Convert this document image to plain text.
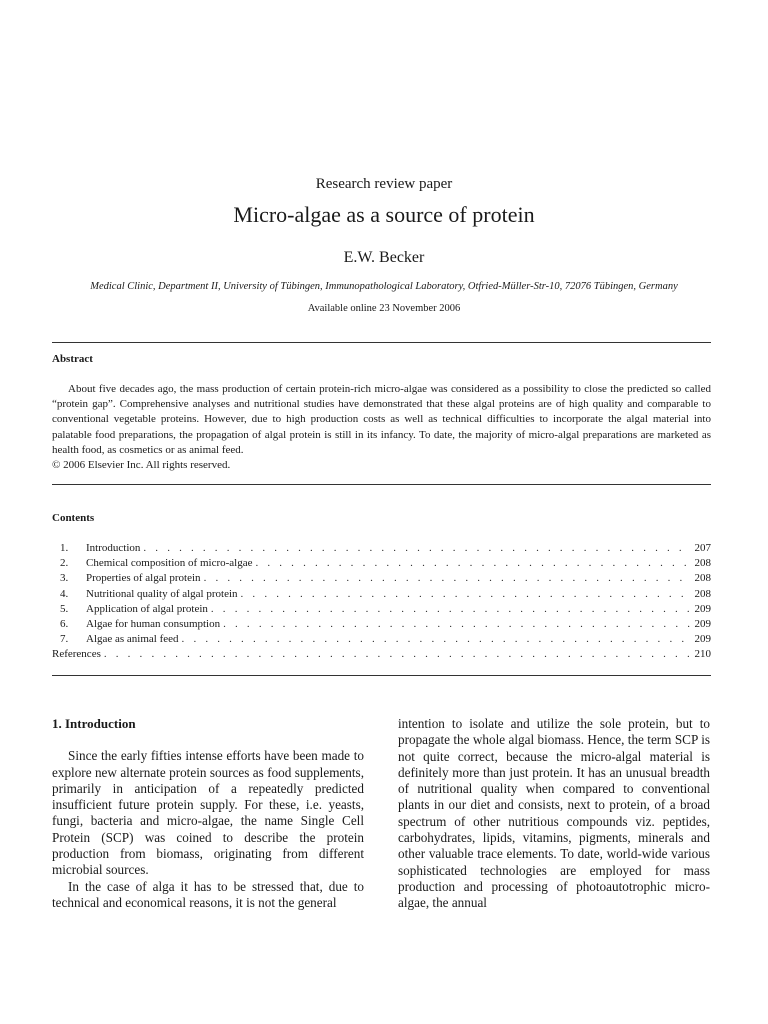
Research review paper
Micro-algae as a source of protein
E.W. Becker
Medical Clinic, Department II, University of Tübingen, Immunopathological Laboratory, Otfried-Müller-Str-10, 72076 Tübingen, Germany
Available online 23 November 2006
Abstract

About five decades ago, the mass production of certain protein-rich micro-algae was considered as a possibility to close the predicted so called “protein gap”. Comprehensive analyses and nutritional studies have demonstrated that these algal proteins are of high quality and comparable to conventional vegetable proteins. However, due to high production costs as well as technical difficulties to incorporate the algal material into palatable food preparations, the propagation of algal protein is still in its infancy. To date, the majority of micro-algal preparations are marketed as health food, as cosmetics or as animal feed.

© 2006 Elsevier Inc. All rights reserved.

Contents
1.	Introduction . . .	207
2.	Chemical composition of micro-algae . . .	208
3.	Properties of algal protein . . .	208
4.	Nutritional quality of algal protein . . .	208
5.	Application of algal protein . . .	209
6.	Algae for human consumption . . .	209
7.	Algae as animal feed . . .	209
References . . .	210
1. Introduction

Since the early fifties intense efforts have been made to explore new alternate protein sources as food supplements, primarily in anticipation of a repeatedly predicted insufficient future protein supply. For these, i.e. yeasts, fungi, bacteria and micro-algae, the name Single Cell Protein (SCP) was coined to describe the protein production from biomass, originating from different microbial sources.

In the case of alga it has to be stressed that, due to technical and economical reasons, it is not the general

intention to isolate and utilize the sole protein, but to propagate the whole algal biomass. Hence, the term SCP is not quite correct, because the micro-algal material is definitely more than just protein. It has an unusual breadth of nutritional quality when compared to conventional plants in our diet and consists, next to protein, of a broad spectrum of other nutritious compounds viz. peptides, carbohydrates, lipids, vitamins, pigments, minerals and other valuable trace elements. To date, world-wide various sophisticated technologies are employed for mass production and processing of photoautotrophic micro-algae, the annual
